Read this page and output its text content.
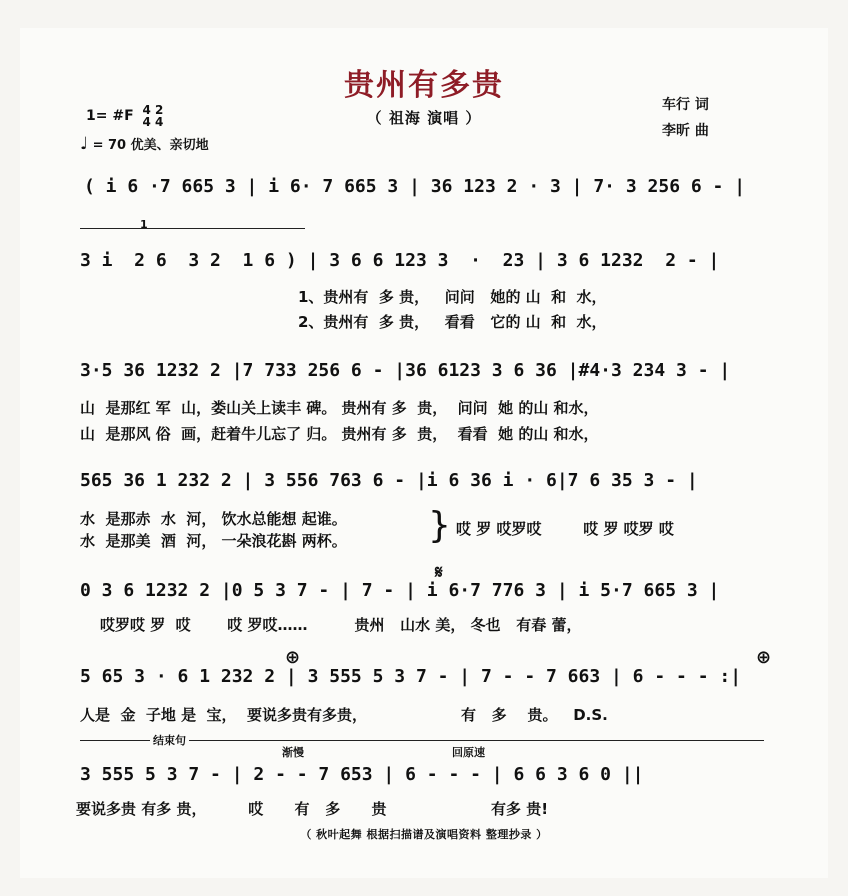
贵州有多贵
（ 祖海 演唱 ）
车行 词
李昕 曲
1= #F 4 2
4 4
♩ = 70 优美、亲切地
( i 6 ·7 665 3 | i 6· 7 665 3 | 36 123 2 · 3 | 7· 3 256 6 - |
1
3 i  2 6  3 2  1 6 ) | 3 6 6 123 3  ·  23 | 3 6 1232  2 - |
1、贵州有  多 贵，   问问   她的 山  和  水，
2、贵州有  多 贵，   看看   它的 山  和  水，
3·5 36 1232 2 |7 733 256 6 - |36 6123 3 6 36 |#4·3 234 3 - |
山  是那红 军  山，娄山关上读丰 碑。 贵州有 多  贵，  问问  她 的山 和水，
山  是那风 俗  画，赶着牛儿忘了 归。 贵州有 多  贵，  看看  她 的山 和水，
565 36 1 232 2 | 3 556 763 6 - |i 6 36 i · 6|7 6 35 3 - |
水  是那赤  水  河， 饮水总能想 起谁。
水  是那美  酒  河， 一朵浪花斟 两杯。	} 哎 罗 哎罗哎        哎 罗 哎罗 哎
𝄋
0 3 6 1232 2 |0 5 3 7 - | 7 - | i 6·7 776 3 | i 5·7 665 3 |
哎罗哎 罗  哎       哎 罗哎……         贵州   山水 美， 冬也   有春 蕾，
⊕	⊕
5 65 3 · 6 1 232 2 | 3 555 5 3 7 - | 7 - - 7 663 | 6 - - - :|
人是  金  子地 是  宝，  要说多贵有多贵，                  有   多    贵。   D.S.
结束句
渐慢	回原速
3 555 5 3 7 - | 2 - - 7 653 | 6 - - - | 6 6 3 6 0 ||
要说多贵 有多 贵，        哎      有   多      贵                    有多 贵!
（ 秋叶起舞 根据扫描谱及演唱资料 整理抄录 ）
